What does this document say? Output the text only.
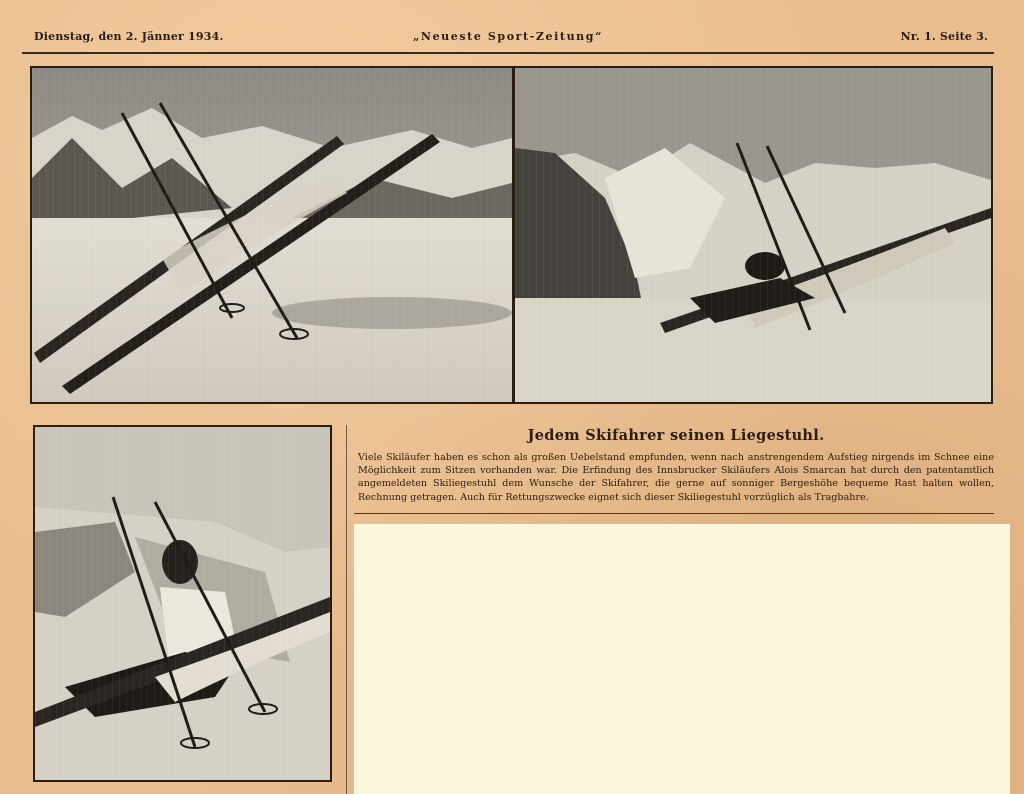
Dienstag, den 2. Jänner 1934.	„Neueste Sport-Zeitung“	Nr. 1. Seite 3.
Jedem Skifahrer seinen Liegestuhl.
Viele Skiläufer haben es schon als großen Uebelstand empfunden, wenn nach anstrengendem Aufstieg nirgends im Schnee eine Möglichkeit zum Sitzen vorhanden war. Die Erfindung des Innsbrucker Skiläufers Alois Smarcan hat durch den patentamtlich angemeldeten Skiliegestuhl dem Wunsche der Skifahrer, die gerne auf sonniger Bergeshöhe bequeme Rast halten wollen, Rechnung getragen. Auch für Rettungszwecke eignet sich dieser Skiliegestuhl vorzüglich als Tragbahre.
